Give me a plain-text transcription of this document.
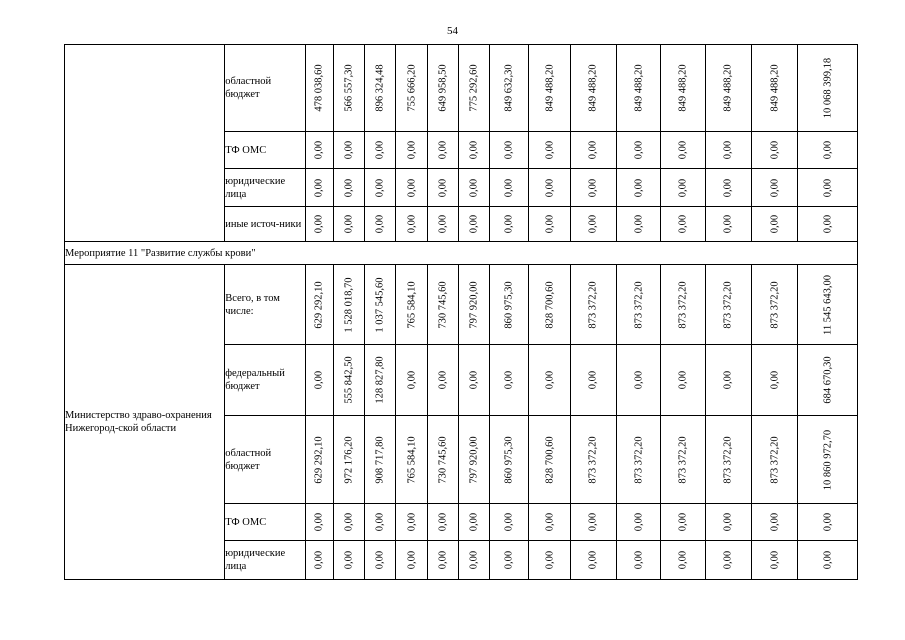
54
	областной бюджет	478 038,60	566 557,30	896 324,48	755 666,20	649 958,50	775 292,60	849 632,30	849 488,20	849 488,20	849 488,20	849 488,20	849 488,20	849 488,20	10 068 399,18

	ТФ ОМС	0,00	0,00	0,00	0,00	0,00	0,00	0,00	0,00	0,00	0,00	0,00	0,00	0,00	0,00

	юридические лица	0,00	0,00	0,00	0,00	0,00	0,00	0,00	0,00	0,00	0,00	0,00	0,00	0,00	0,00

	иные источ-ники	0,00	0,00	0,00	0,00	0,00	0,00	0,00	0,00	0,00	0,00	0,00	0,00	0,00	0,00

Мероприятие 11 "Развитие службы крови"															
Министерство здраво-охранения Нижегород-ской области	Всего, в том числе:	629 292,10	1 528 018,70	1 037 545,60	765 584,10	730 745,60	797 920,00	860 975,30	828 700,60	873 372,20	873 372,20	873 372,20	873 372,20	873 372,20	11 545 643,00

	федеральный бюджет	0,00	555 842,50	128 827,80	0,00	0,00	0,00	0,00	0,00	0,00	0,00	0,00	0,00	0,00	684 670,30

	областной бюджет	629 292,10	972 176,20	908 717,80	765 584,10	730 745,60	797 920,00	860 975,30	828 700,60	873 372,20	873 372,20	873 372,20	873 372,20	873 372,20	10 860 972,70

	ТФ ОМС	0,00	0,00	0,00	0,00	0,00	0,00	0,00	0,00	0,00	0,00	0,00	0,00	0,00	0,00

	юридические лица	0,00	0,00	0,00	0,00	0,00	0,00	0,00	0,00	0,00	0,00	0,00	0,00	0,00	0,00
